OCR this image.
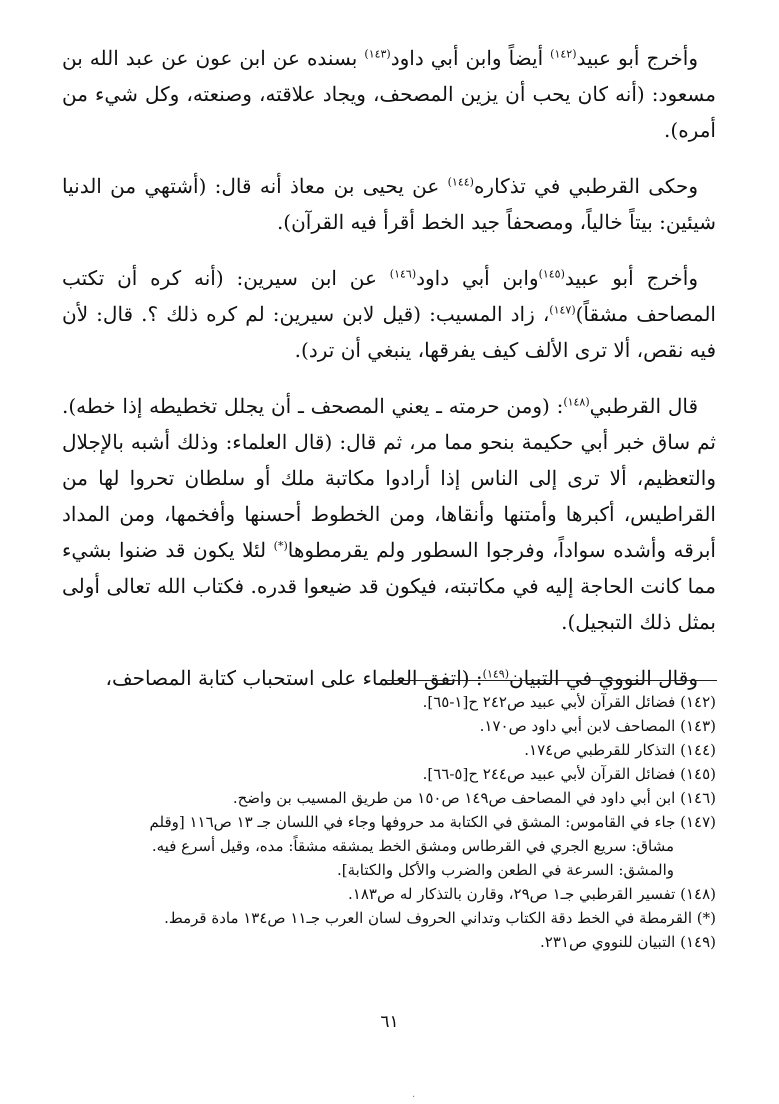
وأخرج أبو عبيد$^{(١٤٢)}$ أيضاً وابن أبي داود$^{(١٤٣)}$ بسنده عن ابن عون عن عبد الله بن مسعود: (أنه كان يحب أن يزين المصحف، ويجاد علاقته، وصنعته، وكل شيء من أمره).

وحكى القرطبي في تذكاره$^{(١٤٤)}$ عن يحيى بن معاذ أنه قال: (أشتهي من الدنيا شيئين: بيتاً خالياً، ومصحفاً جيد الخط أقرأ فيه القرآن).

وأخرج أبو عبيد$^{(١٤٥)}$وابن أبي داود$^{(١٤٦)}$ عن ابن سيرين: (أنه كره أن تكتب المصاحف مشقاً)$^{(١٤٧)}$، زاد المسيب: (قيل لابن سيرين: لم كره ذلك ؟. قال: لأن فيه نقص، ألا ترى الألف كيف يفرقها، ينبغي أن ترد).

قال القرطبي$^{(١٤٨)}$: (ومن حرمته ـ يعني المصحف ـ أن يجلل تخطيطه إذا خطه). ثم ساق خبر أبي حكيمة بنحو مما مر، ثم قال: (قال العلماء: وذلك أشبه بالإجلال والتعظيم، ألا ترى إلى الناس إذا أرادوا مكاتبة ملك أو سلطان تحروا لها من القراطيس، أكبرها وأمتنها وأنقاها، ومن الخطوط أحسنها وأفخمها، ومن المداد أبرقه وأشده سواداً، وفرجوا السطور ولم يقرمطوها(*) لئلا يكون قد ضنوا بشيء مما كانت الحاجة إليه في مكاتبته، فيكون قد ضيعوا قدره. فكتاب الله تعالى أولى بمثل ذلك التبجيل).

وقال النووي في التبيان$^{(١٤٩)}$: (اتفق العلماء على استحباب كتابة المصاحف،

(١٤٢) فضائل القرآن لأبي عبيد ص٢٤٢ ح[١-٦٥].

(١٤٣) المصاحف لابن أبي داود ص١٧٠.

(١٤٤) التذكار للقرطبي ص١٧٤.

(١٤٥) فضائل القرآن لأبي عبيد ص٢٤٤ ح[٥-٦٦].

(١٤٦) ابن أبي داود في المصاحف ص١٤٩ ص١٥٠ من طريق المسيب بن واضح.

(١٤٧) جاء في القاموس: المشق في الكتابة مد حروفها وجاء في اللسان جـ ١٣ ص١١٦ [وقلم

مشاق: سريع الجري في القرطاس ومشق الخط يمشقه مشقاً: مده، وقيل أسرع فيه.

والمشق: السرعة في الطعن والضرب والأكل والكتابة].

(١٤٨) تفسير القرطبي جـ١ ص٢٩، وقارن بالتذكار له ص١٨٣.

(*) القرمطة في الخط دقة الكتاب وتداني الحروف لسان العرب جـ١١ ص١٣٤ مادة قرمط.

(١٤٩) التبيان للنووي ص٢٣١.

٦١
·
